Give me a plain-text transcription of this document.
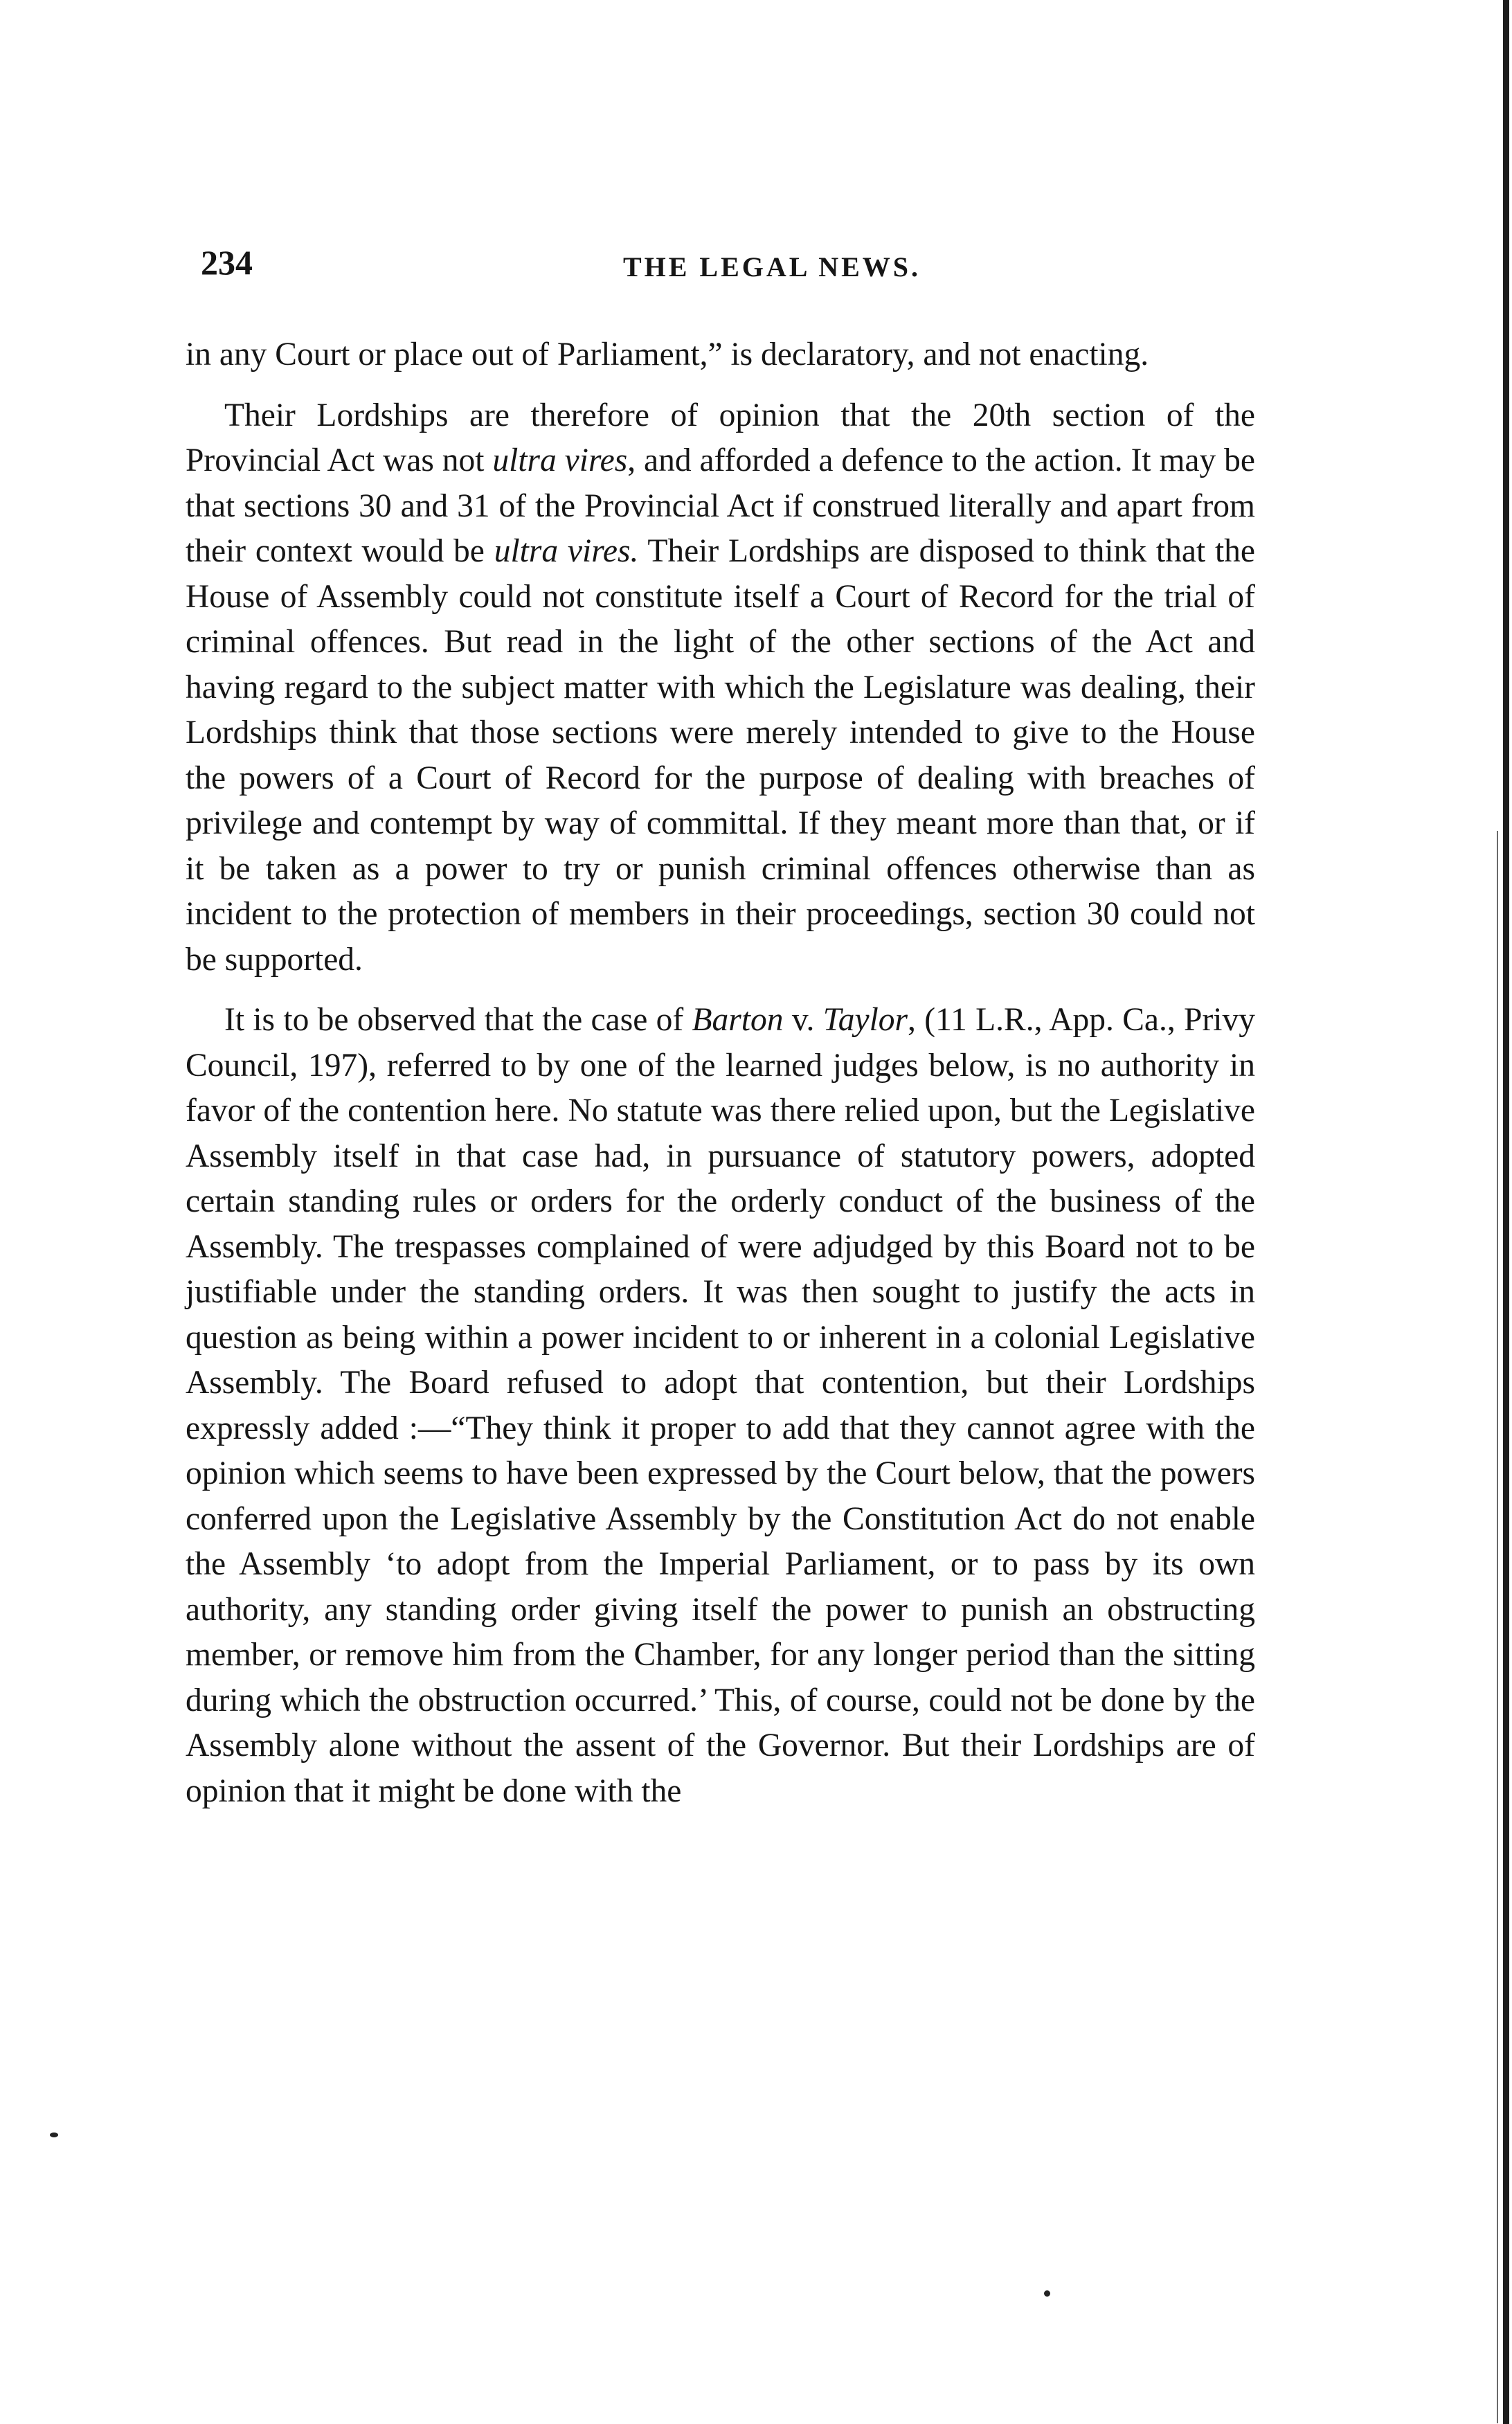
234	THE LEGAL NEWS.

in any Court or place out of Parliament,” is declaratory, and not enacting.

Their Lordships are therefore of opinion that the 20th section of the Provincial Act was not ultra vires, and afforded a defence to the action. It may be that sections 30 and 31 of the Provincial Act if construed literally and apart from their context would be ultra vires. Their Lordships are disposed to think that the House of Assembly could not constitute itself a Court of Record for the trial of criminal offences. But read in the light of the other sections of the Act and having regard to the subject matter with which the Legislature was dealing, their Lordships think that those sections were merely intended to give to the House the powers of a Court of Record for the purpose of dealing with breaches of privilege and contempt by way of committal. If they meant more than that, or if it be taken as a power to try or punish criminal offences otherwise than as incident to the protection of members in their proceedings, section 30 could not be supported.

It is to be observed that the case of Barton v. Taylor, (11 L.R., App. Ca., Privy Council, 197), referred to by one of the learned judges below, is no authority in favor of the contention here. No statute was there relied upon, but the Legislative Assembly itself in that case had, in pursuance of statutory powers, adopted certain standing rules or orders for the orderly conduct of the business of the Assembly. The trespasses complained of were adjudged by this Board not to be justifiable under the standing orders. It was then sought to justify the acts in question as being within a power incident to or inherent in a colonial Legislative Assembly. The Board refused to adopt that contention, but their Lordships expressly added :—“They think it proper to add that they cannot agree with the opinion which seems to have been expressed by the Court below, that the powers conferred upon the Legislative Assembly by the Constitution Act do not enable the Assembly ‘to adopt from the Imperial Parliament, or to pass by its own authority, any standing order giving itself the power to punish an obstructing member, or remove him from the Chamber, for any longer period than the sitting during which the obstruction occurred.’ This, of course, could not be done by the Assembly alone without the assent of the Governor. But their Lordships are of opinion that it might be done with the
